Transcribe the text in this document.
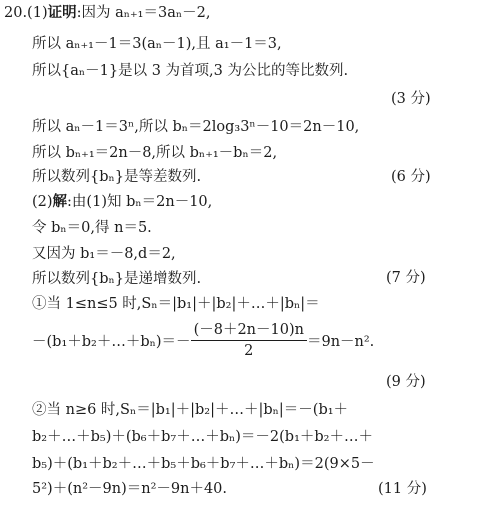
20.(1)证明:因为 aₙ₊₁＝3aₙ－2,
所以 aₙ₊₁－1＝3(aₙ－1),且 a₁－1＝3,
所以{aₙ－1}是以 3 为首项,3 为公比的等比数列.
(3 分)
所以 aₙ－1＝3ⁿ,所以 bₙ＝2log₃3ⁿ－10＝2n－10,
所以 bₙ₊₁＝2n－8,所以 bₙ₊₁－bₙ＝2,
所以数列{bₙ}是等差数列.	(6 分)
(2)解:由(1)知 bₙ＝2n－10,
令 bₙ＝0,得 n＝5.
又因为 b₁＝－8,d＝2,
所以数列{bₙ}是递增数列.	(7 分)
①当 1≤n≤5 时,Sₙ＝|b₁|＋|b₂|＋…＋|bₙ|＝
－(b₁＋b₂＋…＋bₙ)＝－ $\frac{(-8+2n-10)n}{2} =9n-n^2$.
(9 分)
②当 n≥6 时,Sₙ＝|b₁|＋|b₂|＋…＋|bₙ|＝－(b₁＋
b₂＋…＋b₅)＋(b₆＋b₇＋…＋bₙ)＝－2(b₁＋b₂＋…＋
b₅)＋(b₁＋b₂＋…＋b₅＋b₆＋b₇＋…＋bₙ)＝2(9×5－
5²)＋(n²－9n)＝n²－9n＋40.	(11 分)
